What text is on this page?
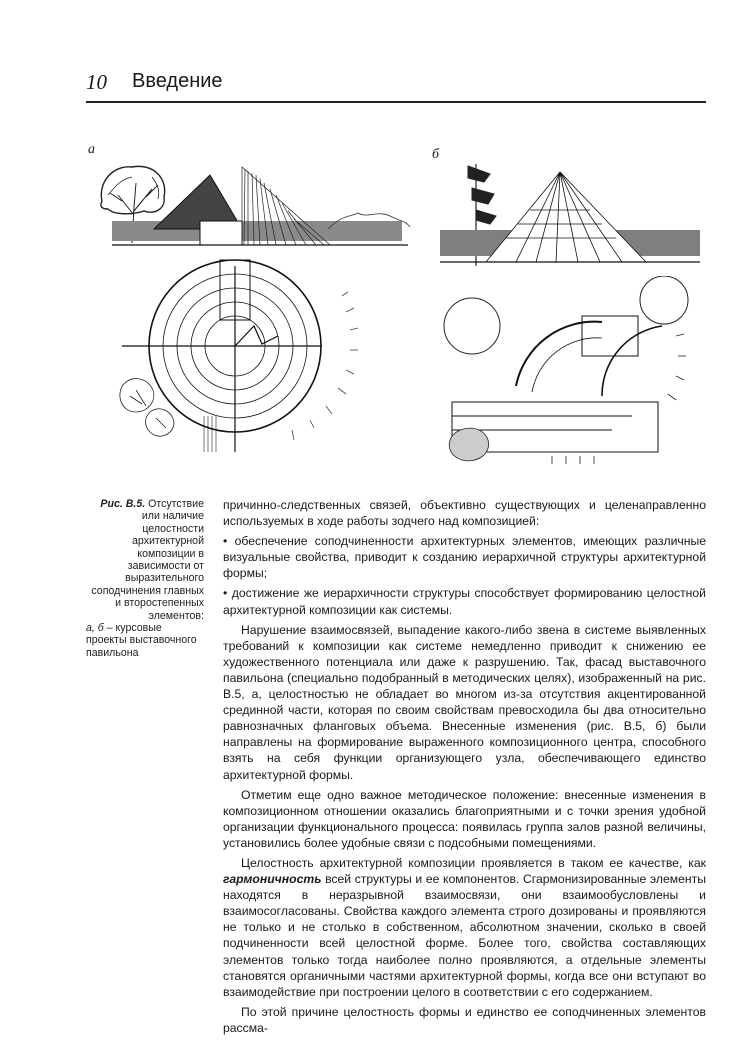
10 Введение
а	б

Рис. В.5. Отсутствие или наличие целостности архитектурной композиции в зависимости от выразительного соподчинения главных и второстепенных элементов:

а, б – курсовые проекты выставочного павильона

причинно-следственных связей, объективно существующих и целенаправленно используемых в ходе работы зодчего над композицией:

• обеспечение соподчиненности архитектурных элементов, имеющих различные визуальные свойства, приводит к созданию иерархичной структуры архитектурной формы;

• достижение же иерархичности структуры способствует формированию целостной архитектурной композиции как системы.

Нарушение взаимосвязей, выпадение какого-либо звена в системе выявленных требований к композиции как системе немедленно приводит к снижению ее художественного потенциала или даже к разрушению. Так, фасад выставочного павильона (специально подобранный в методических целях), изображенный на рис. В.5, а, целостностью не обладает во многом из-за отсутствия акцентированной срединной части, которая по своим свойствам превосходила бы два относительно равнозначных фланговых объема. Внесенные изменения (рис. В.5, б) были направлены на формирование выраженного композиционного центра, способного взять на себя функции организующего узла, обеспечивающего единство архитектурной формы.

Отметим еще одно важное методическое положение: внесенные изменения в композиционном отношении оказались благоприятными и с точки зрения удобной организации функционального процесса: появилась группа залов разной величины, установились более удобные связи с подсобными помещениями.

Целостность архитектурной композиции проявляется в таком ее качестве, как гармоничность всей структуры и ее компонентов. Сгармонизированные элементы находятся в неразрывной взаимосвязи, они взаимообусловлены и взаимосогласованы. Свойства каждого элемента строго дозированы и проявляются не только и не столько в собственном, абсолютном значении, сколько в своей подчиненности всей целостной форме. Более того, свойства составляющих элементов только тогда наиболее полно проявляются, а отдельные элементы становятся органичными частями архитектурной формы, когда все они вступают во взаимодействие при построении целого в соответствии с его содержанием.

По этой причине целостность формы и единство ее соподчиненных элементов рассма-
